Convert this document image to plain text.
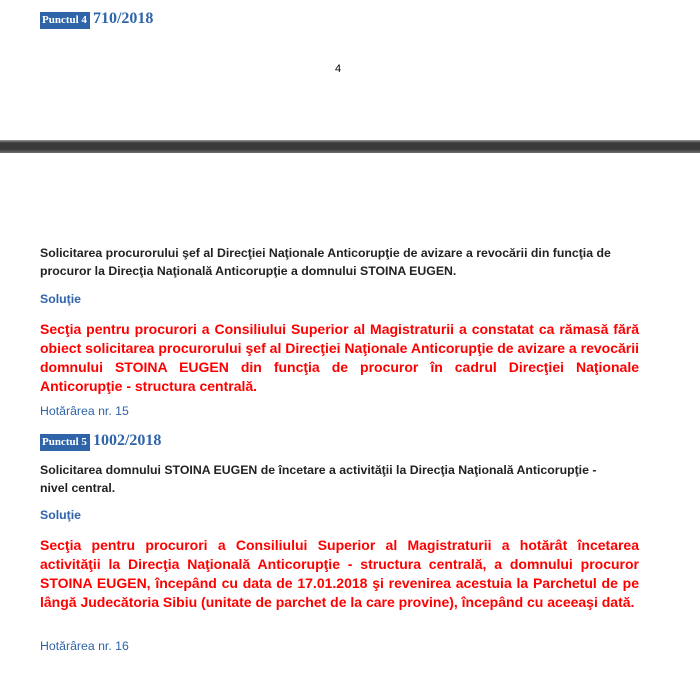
Punctul 4 710/2018
4
Solicitarea procurorului şef al Direcţiei Naţionale Anticorupţie de avizare a revocării din funcţia de procuror la Direcţia Naţională Anticorupţie a domnului STOINA EUGEN.
Soluţie
Secţia pentru procurori a Consiliului Superior al Magistraturii a constatat ca rămasă fără obiect solicitarea procurorului şef al Direcţiei Naţionale Anticorupţie de avizare a revocării domnului STOINA EUGEN din funcţia de procuror în cadrul Direcţiei Naţionale Anticorupţie - structura centrală.
Hotărârea nr. 15
Punctul 5 1002/2018
Solicitarea domnului STOINA EUGEN de încetare a activităţii la Direcţia Naţională Anticorupţie - nivel central.
Soluţie
Secţia pentru procurori a Consiliului Superior al Magistraturii a hotărât încetarea activităţii la Direcţia Naţională Anticorupţie - structura centrală, a domnului procuror STOINA EUGEN, începând cu data de 17.01.2018 şi revenirea acestuia la Parchetul de pe lângă Judecătoria Sibiu (unitate de parchet de la care provine), începând cu aceeaşi dată.
Hotărârea nr. 16
